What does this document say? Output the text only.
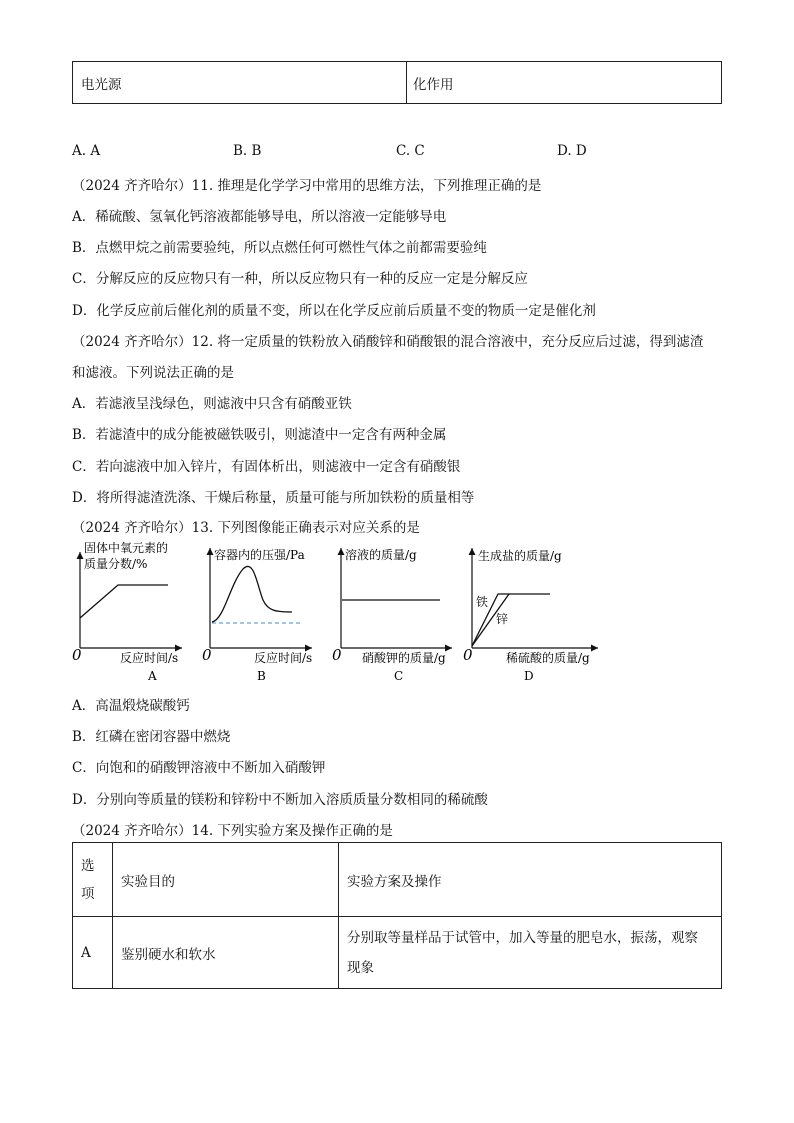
电光源	化作用
A. A	B. B	C. C	D. D
（2024 齐齐哈尔）11. 推理是化学学习中常用的思维方法，下列推理正确的是
A．稀硫酸、氢氧化钙溶液都能够导电，所以溶液一定能够导电
B．点燃甲烷之前需要验纯，所以点燃任何可燃性气体之前都需要验纯
C．分解反应的反应物只有一种，所以反应物只有一种的反应一定是分解反应
D．化学反应前后催化剂的质量不变，所以在化学反应前后质量不变的物质一定是催化剂
（2024 齐齐哈尔）12. 将一定质量的铁粉放入硝酸锌和硝酸银的混合溶液中，充分反应后过滤，得到滤渣
和滤液。下列说法正确的是
A．若滤液呈浅绿色，则滤液中只含有硝酸亚铁
B．若滤渣中的成分能被磁铁吸引，则滤渣中一定含有两种金属
C．若向滤液中加入锌片，有固体析出，则滤液中一定含有硝酸银
D．将所得滤渣洗涤、干燥后称量，质量可能与所加铁粉的质量相等
（2024 齐齐哈尔）13. 下列图像能正确表示对应关系的是
固体中氧元素的
质量分数/%
0	反应时间/s
A
容器内的压强/Pa
0	反应时间/s
B
溶液的质量/g
0 硝酸钾的质量/g
C
生成盐的质量/g
铁
锌
0	稀硫酸的质量/g
D
A．高温煅烧碳酸钙
B．红磷在密闭容器中燃烧
C．向饱和的硝酸钾溶液中不断加入硝酸钾
D．分别向等质量的镁粉和锌粉中不断加入溶质质量分数相同的稀硫酸
（2024 齐齐哈尔）14. 下列实验方案及操作正确的是
选
项	实验目的	实验方案及操作
A	鉴别硬水和软水	分别取等量样品于试管中，加入等量的肥皂水，振荡，观察
现象
